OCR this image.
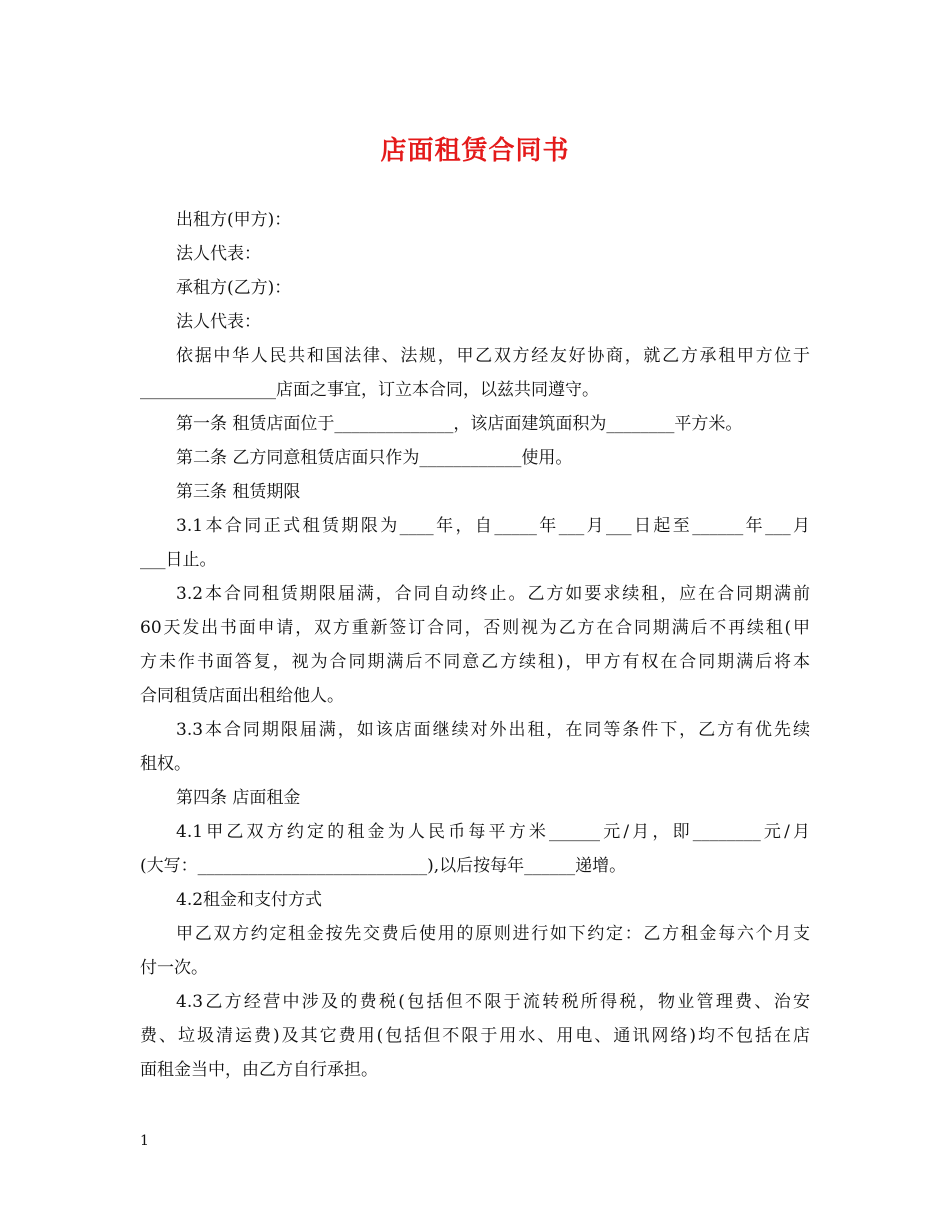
店面租赁合同书
出租方(甲方)：
法人代表：
承租方(乙方)：
法人代表：
依据中华人民共和国法律、法规，甲乙双方经友好协商，就乙方承租甲方位于
________________店面之事宜，订立本合同，以兹共同遵守。
第一条 租赁店面位于______________，该店面建筑面积为________平方米。
第二条 乙方同意租赁店面只作为____________使用。
第三条 租赁期限
3.1本合同正式租赁期限为____年，自_____年___月___日起至______年___月
___日止。
3.2本合同租赁期限届满，合同自动终止。乙方如要求续租，应在合同期满前
60天发出书面申请，双方重新签订合同，否则视为乙方在合同期满后不再续租(甲
方未作书面答复，视为合同期满后不同意乙方续租)，甲方有权在合同期满后将本
合同租赁店面出租给他人。
3.3本合同期限届满，如该店面继续对外出租，在同等条件下，乙方有优先续
租权。
第四条 店面租金
4.1甲乙双方约定的租金为人民币每平方米______元/月，即________元/月
(大写：___________________________),以后按每年______递增。
4.2租金和支付方式
甲乙双方约定租金按先交费后使用的原则进行如下约定：乙方租金每六个月支
付一次。
4.3乙方经营中涉及的费税(包括但不限于流转税所得税，物业管理费、治安
费、垃圾清运费)及其它费用(包括但不限于用水、用电、通讯网络)均不包括在店
面租金当中，由乙方自行承担。
1
